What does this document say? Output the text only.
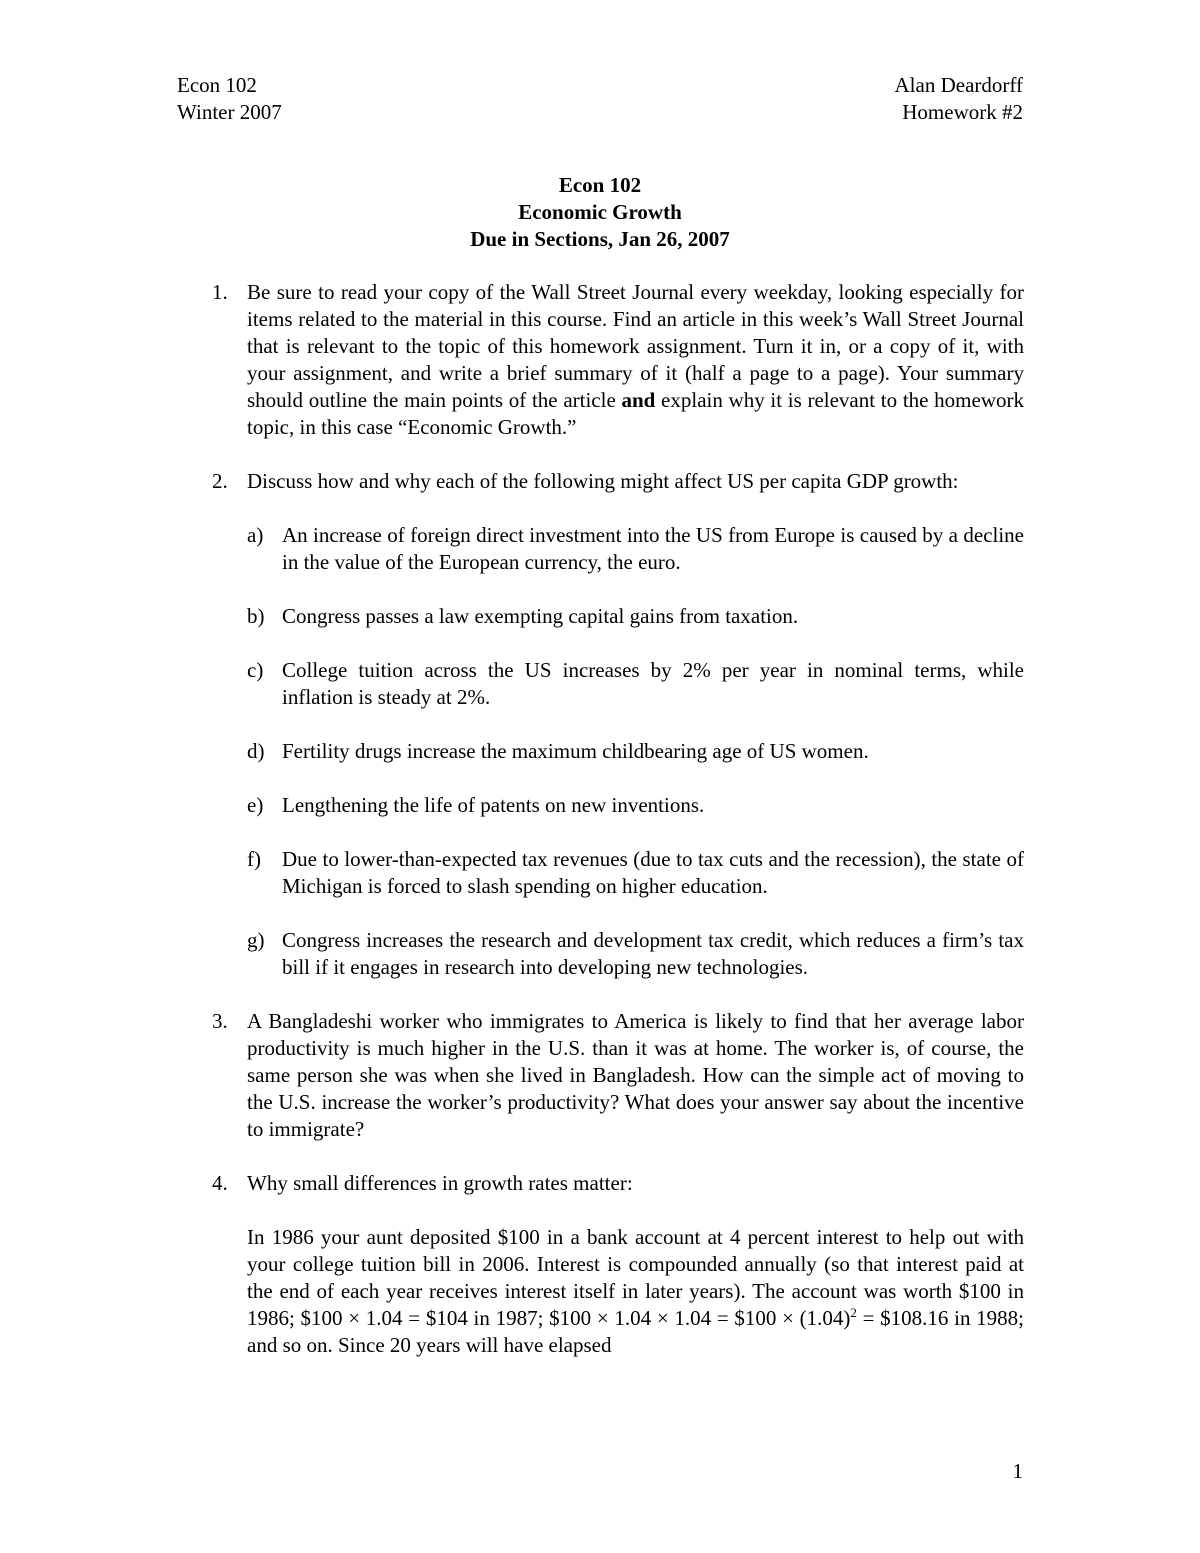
Econ 102
Winter 2007
Alan Deardorff
Homework #2
Econ 102
Economic Growth
Due in Sections, Jan 26, 2007
1. Be sure to read your copy of the Wall Street Journal every weekday, looking especially for items related to the material in this course. Find an article in this week’s Wall Street Journal that is relevant to the topic of this homework assignment. Turn it in, or a copy of it, with your assignment, and write a brief summary of it (half a page to a page). Your summary should outline the main points of the article and explain why it is relevant to the homework topic, in this case “Economic Growth.”
2. Discuss how and why each of the following might affect US per capita GDP growth:
a) An increase of foreign direct investment into the US from Europe is caused by a decline in the value of the European currency, the euro.
b) Congress passes a law exempting capital gains from taxation.
c) College tuition across the US increases by 2% per year in nominal terms, while inflation is steady at 2%.
d) Fertility drugs increase the maximum childbearing age of US women.
e) Lengthening the life of patents on new inventions.
f) Due to lower-than-expected tax revenues (due to tax cuts and the recession), the state of Michigan is forced to slash spending on higher education.
g) Congress increases the research and development tax credit, which reduces a firm’s tax bill if it engages in research into developing new technologies.
3. A Bangladeshi worker who immigrates to America is likely to find that her average labor productivity is much higher in the U.S. than it was at home. The worker is, of course, the same person she was when she lived in Bangladesh. How can the simple act of moving to the U.S. increase the worker’s productivity? What does your answer say about the incentive to immigrate?
4. Why small differences in growth rates matter:
In 1986 your aunt deposited $100 in a bank account at 4 percent interest to help out with your college tuition bill in 2006. Interest is compounded annually (so that interest paid at the end of each year receives interest itself in later years). The account was worth $100 in 1986; $100 × 1.04 = $104 in 1987; $100 × 1.04 × 1.04 = $100 × $(1.04)^2$ = $108.16 in 1988; and so on. Since 20 years will have elapsed
1
